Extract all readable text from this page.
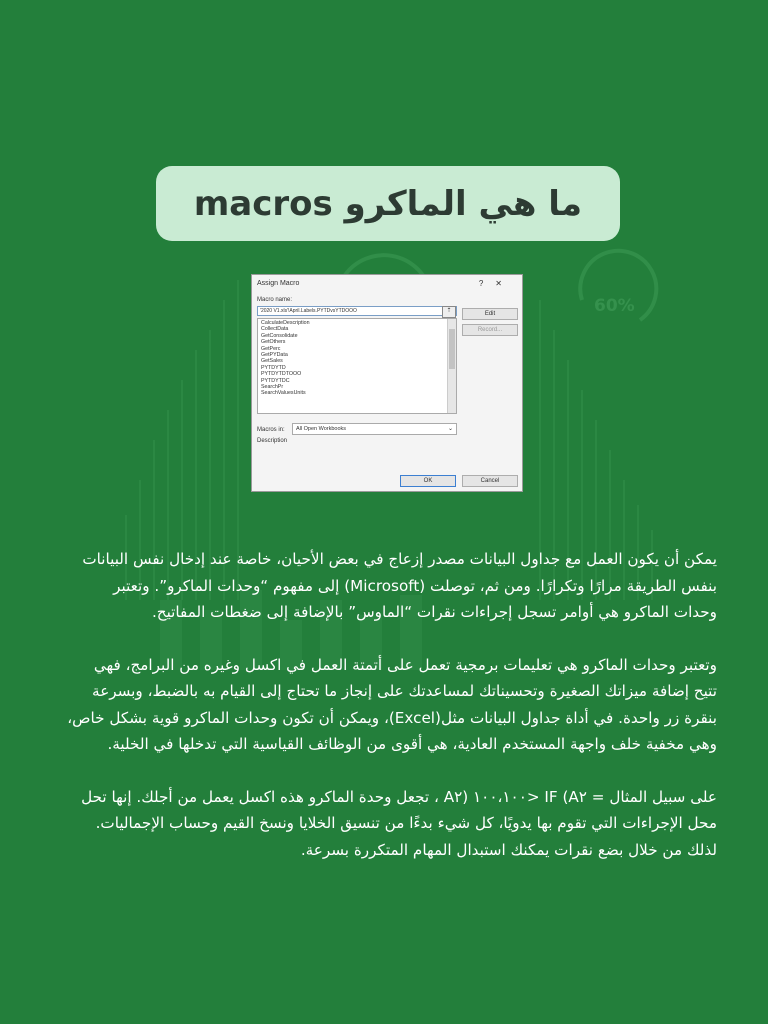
60%
ما هي الماكرو macros
Assign Macro	?✕
Macro name:
'2020 V1.xls'!April.Labels.PYTDvsYTDOOO	⇡
CalculateDescription
CollectData
GetConsolidate
GetOthers
GetPerc
GetPYData
GetSales
PYTDYTD
PYTDYTDTOOO
PYTDYTDC
SearchPr
SearchValuesUnits
Edit
Record...
Macros in:	All Open Workbooks	⌄
Description
OK	Cancel

يمكن أن يكون العمل مع جداول البيانات مصدر إزعاج في بعض الأحيان، خاصة عند إدخال نفس البيانات بنفس الطريقة مرارًا وتكرارًا. ومن ثم، توصلت (Microsoft) إلى مفهوم “وحدات الماكرو”. وتعتبر وحدات الماكرو هي أوامر تسجل إجراءات نقرات “الماوس” بالإضافة إلى ضغطات المفاتيح.

وتعتبر وحدات الماكرو هي تعليمات برمجية تعمل على أتمتة العمل في اكسل وغيره من البرامج، فهي تتيح إضافة ميزاتك الصغيرة وتحسيناتك لمساعدتك على إنجاز ما تحتاج إلى القيام به بالضبط، وبسرعة بنقرة زر واحدة. في أداة جداول البيانات مثل(Excel)، ويمكن أن تكون وحدات الماكرو قوية بشكل خاص، وهي مخفية خلف واجهة المستخدم العادية، هي أقوى من الوظائف القياسية التي تدخلها في الخلية.

على سبيل المثال = IF (A٢ <١٠٠،١٠٠ (A٢ ، تجعل وحدة الماكرو هذه اكسل يعمل من أجلك. إنها تحل محل الإجراءات التي تقوم بها يدويًا، كل شيء بدءًا من تنسيق الخلايا ونسخ القيم وحساب الإجماليات. لذلك من خلال بضع نقرات يمكنك استبدال المهام المتكررة بسرعة.
